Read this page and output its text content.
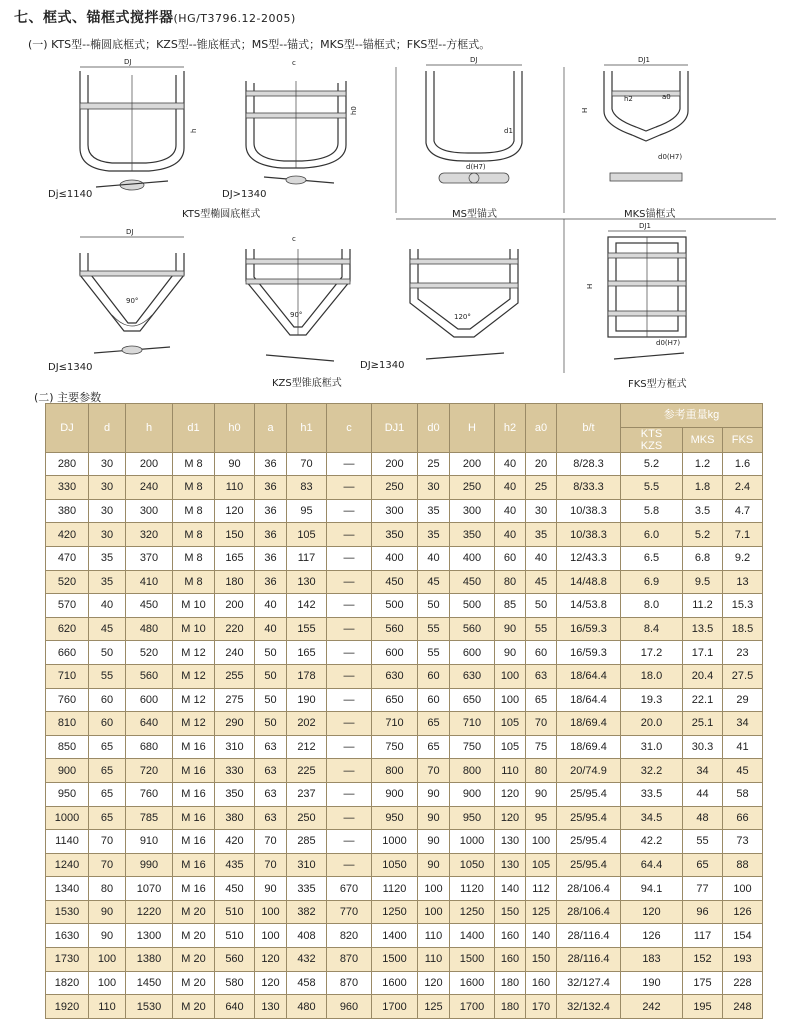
七、框式、锚框式搅拌器(HG/T3796.12-2005)
(一) KTS型--椭圆底框式；KZS型--锥底框式；MS型--锚式；MKS型--锚框式；FKS型--方框式。
DJ
h
c
h0
DJ
d1
d(H7)
DJ1
H
h2	a0
d0(H7)
90°
DJ
c
90°	120°
DJ1
H
d0(H7)
Dj≤1140	DJ>1340
KTS型椭圆底框式	MS型锚式	MKS锚框式
DJ≤1340	DJ≥1340
KZS型锥底框式	FKS型方框式
(二) 主要参数
DJ	d	h	d1	h0	a	h1	c	DJ1	d0	H	h2	a0	b/t	参考重量kg		
														KTS
KZS	MKS	FKS
280	30	200	M 8	90	36	70	—	200	25	200	40	20	8/28.3	5.2	1.2	1.6
330	30	240	M 8	110	36	83	—	250	30	250	40	25	8/33.3	5.5	1.8	2.4
380	30	300	M 8	120	36	95	—	300	35	300	40	30	10/38.3	5.8	3.5	4.7
420	30	320	M 8	150	36	105	—	350	35	350	40	35	10/38.3	6.0	5.2	7.1
470	35	370	M 8	165	36	117	—	400	40	400	60	40	12/43.3	6.5	6.8	9.2
520	35	410	M 8	180	36	130	—	450	45	450	80	45	14/48.8	6.9	9.5	13
570	40	450	M 10	200	40	142	—	500	50	500	85	50	14/53.8	8.0	11.2	15.3
620	45	480	M 10	220	40	155	—	560	55	560	90	55	16/59.3	8.4	13.5	18.5
660	50	520	M 12	240	50	165	—	600	55	600	90	60	16/59.3	17.2	17.1	23
710	55	560	M 12	255	50	178	—	630	60	630	100	63	18/64.4	18.0	20.4	27.5
760	60	600	M 12	275	50	190	—	650	60	650	100	65	18/64.4	19.3	22.1	29
810	60	640	M 12	290	50	202	—	710	65	710	105	70	18/69.4	20.0	25.1	34
850	65	680	M 16	310	63	212	—	750	65	750	105	75	18/69.4	31.0	30.3	41
900	65	720	M 16	330	63	225	—	800	70	800	110	80	20/74.9	32.2	34	45
950	65	760	M 16	350	63	237	—	900	90	900	120	90	25/95.4	33.5	44	58
1000	65	785	M 16	380	63	250	—	950	90	950	120	95	25/95.4	34.5	48	66
1140	70	910	M 16	420	70	285	—	1000	90	1000	130	100	25/95.4	42.2	55	73
1240	70	990	M 16	435	70	310	—	1050	90	1050	130	105	25/95.4	64.4	65	88
1340	80	1070	M 16	450	90	335	670	1120	100	1120	140	112	28/106.4	94.1	77	100
1530	90	1220	M 20	510	100	382	770	1250	100	1250	150	125	28/106.4	120	96	126
1630	90	1300	M 20	510	100	408	820	1400	110	1400	160	140	28/116.4	126	117	154
1730	100	1380	M 20	560	120	432	870	1500	110	1500	160	150	28/116.4	183	152	193
1820	100	1450	M 20	580	120	458	870	1600	120	1600	180	160	32/127.4	190	175	228
1920	110	1530	M 20	640	130	480	960	1700	125	1700	180	170	32/132.4	242	195	248
